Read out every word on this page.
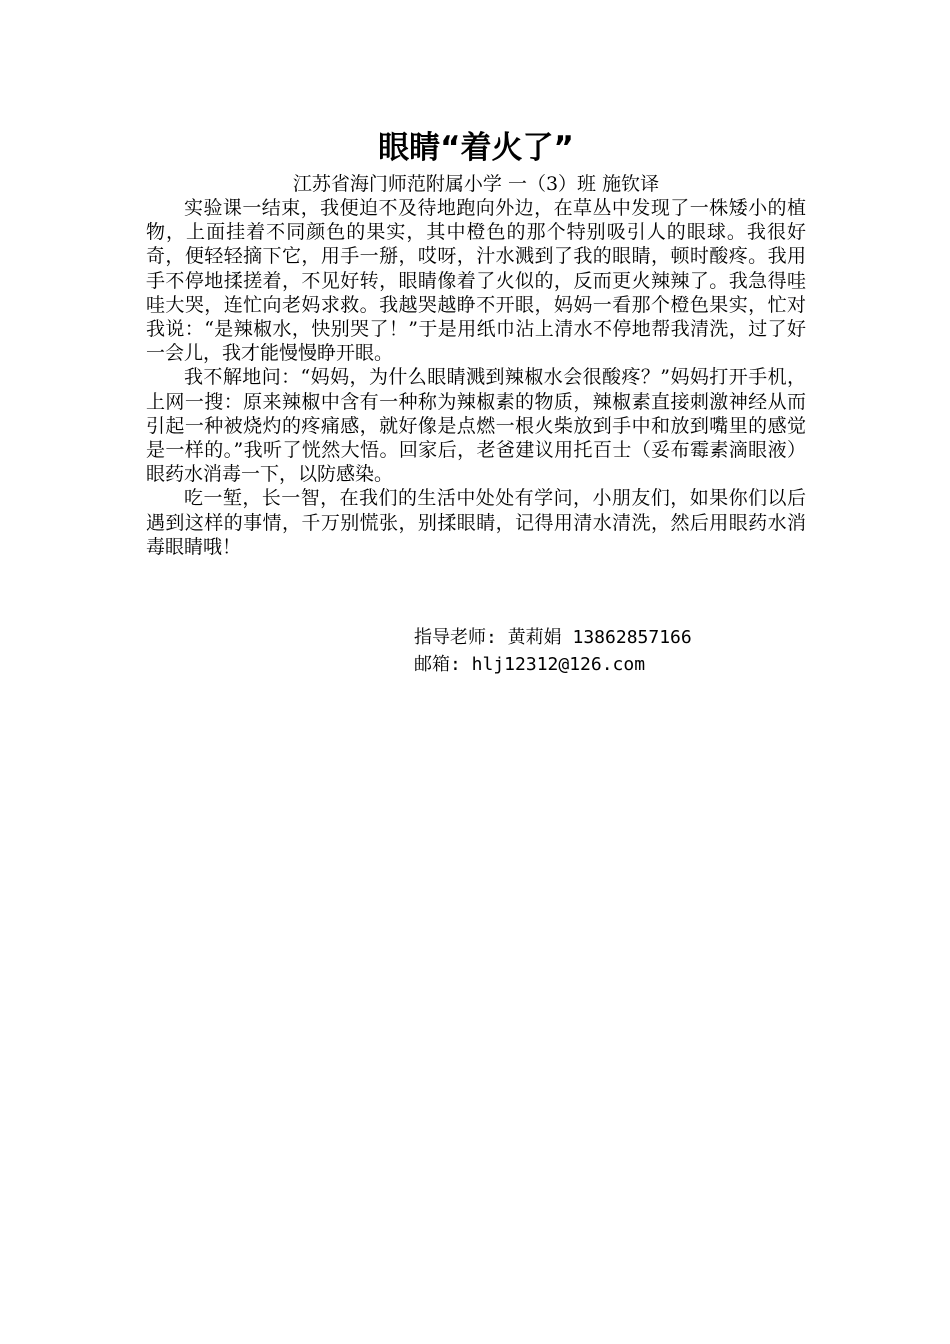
眼睛“着火了”
江苏省海门师范附属小学 一（3）班 施钦译

实验课一结束，我便迫不及待地跑向外边，在草丛中发现了一株矮小的植物，上面挂着不同颜色的果实，其中橙色的那个特别吸引人的眼球。我很好奇，便轻轻摘下它，用手一掰，哎呀，汁水溅到了我的眼睛，顿时酸疼。我用手不停地揉搓着，不见好转，眼睛像着了火似的，反而更火辣辣了。我急得哇哇大哭，连忙向老妈求救。我越哭越睁不开眼，妈妈一看那个橙色果实，忙对我说：“是辣椒水，快别哭了！”于是用纸巾沾上清水不停地帮我清洗，过了好一会儿，我才能慢慢睁开眼。

我不解地问：“妈妈，为什么眼睛溅到辣椒水会很酸疼？”妈妈打开手机，上网一搜：原来辣椒中含有一种称为辣椒素的物质，辣椒素直接刺激神经从而引起一种被烧灼的疼痛感，就好像是点燃一根火柴放到手中和放到嘴里的感觉是一样的。”我听了恍然大悟。回家后，老爸建议用托百士（妥布霉素滴眼液）眼药水消毒一下，以防感染。

吃一堑，长一智，在我们的生活中处处有学问，小朋友们，如果你们以后遇到这样的事情，千万别慌张，别揉眼睛，记得用清水清洗，然后用眼药水消毒眼睛哦！

指导老师: 黄莉娟 13862857166
邮箱: hlj12312@126.com
